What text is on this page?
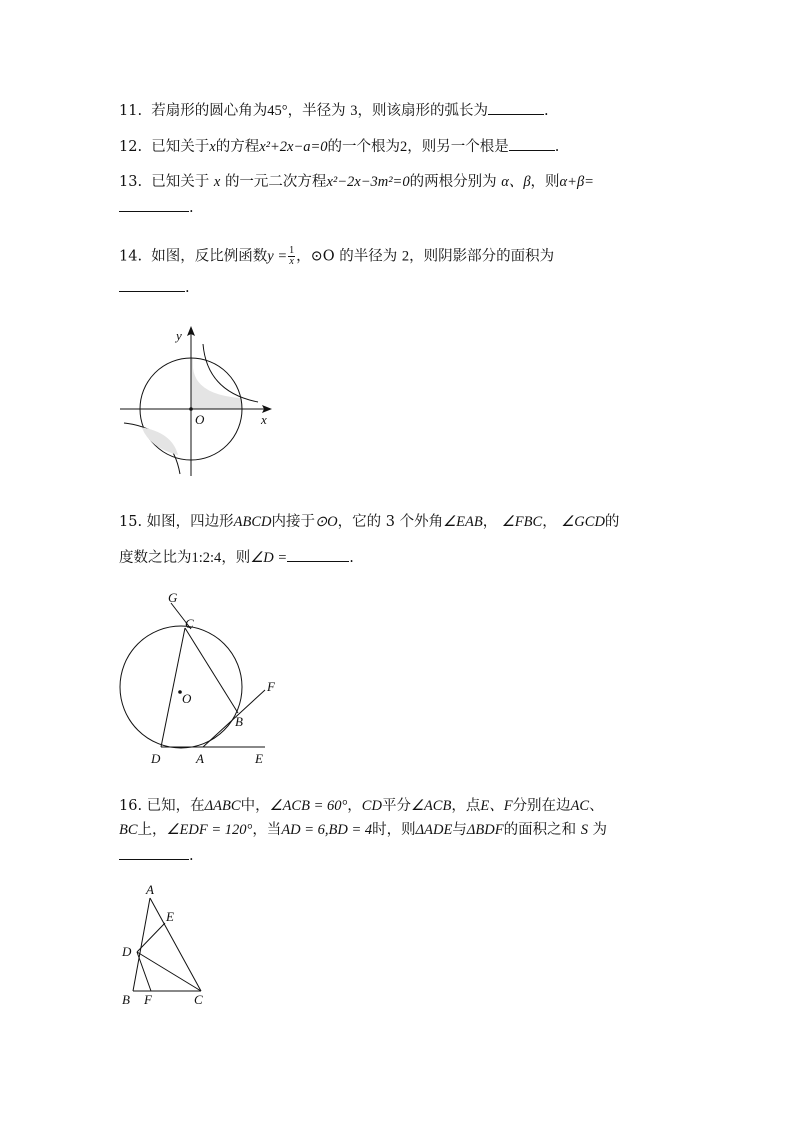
11. 若扇形的圆心角为45°，半径为 3，则该扇形的弧长为	.
12. 已知关于x的方程x²+2x−a=0的一个根为2，则另一个根是	.
13. 已知关于 x 的一元二次方程x²−2x−3m²=0的两根分别为 α、β，则α+β=
.
14. 如图，反比例函数$y = \frac{1}{x}$ ，⊙O 的半径为 2，则阴影部分的面积为
.
y
x
O
15. 如图，四边形ABCD内接于⊙O，它的 3 个外角∠EAB， ∠FBC， ∠GCD的
度数之比为1:2:4，则∠D =	.
G
C
F
O
B
D	A	E
16. 已知，在ΔABC中，∠ACB = 60°，CD平分∠ACB，点E、F分别在边AC、
BC上，∠EDF = 120°，当AD = 6,BD = 4时，则ΔADE与ΔBDF的面积之和 S 为
.
A
E
D
B F	C
